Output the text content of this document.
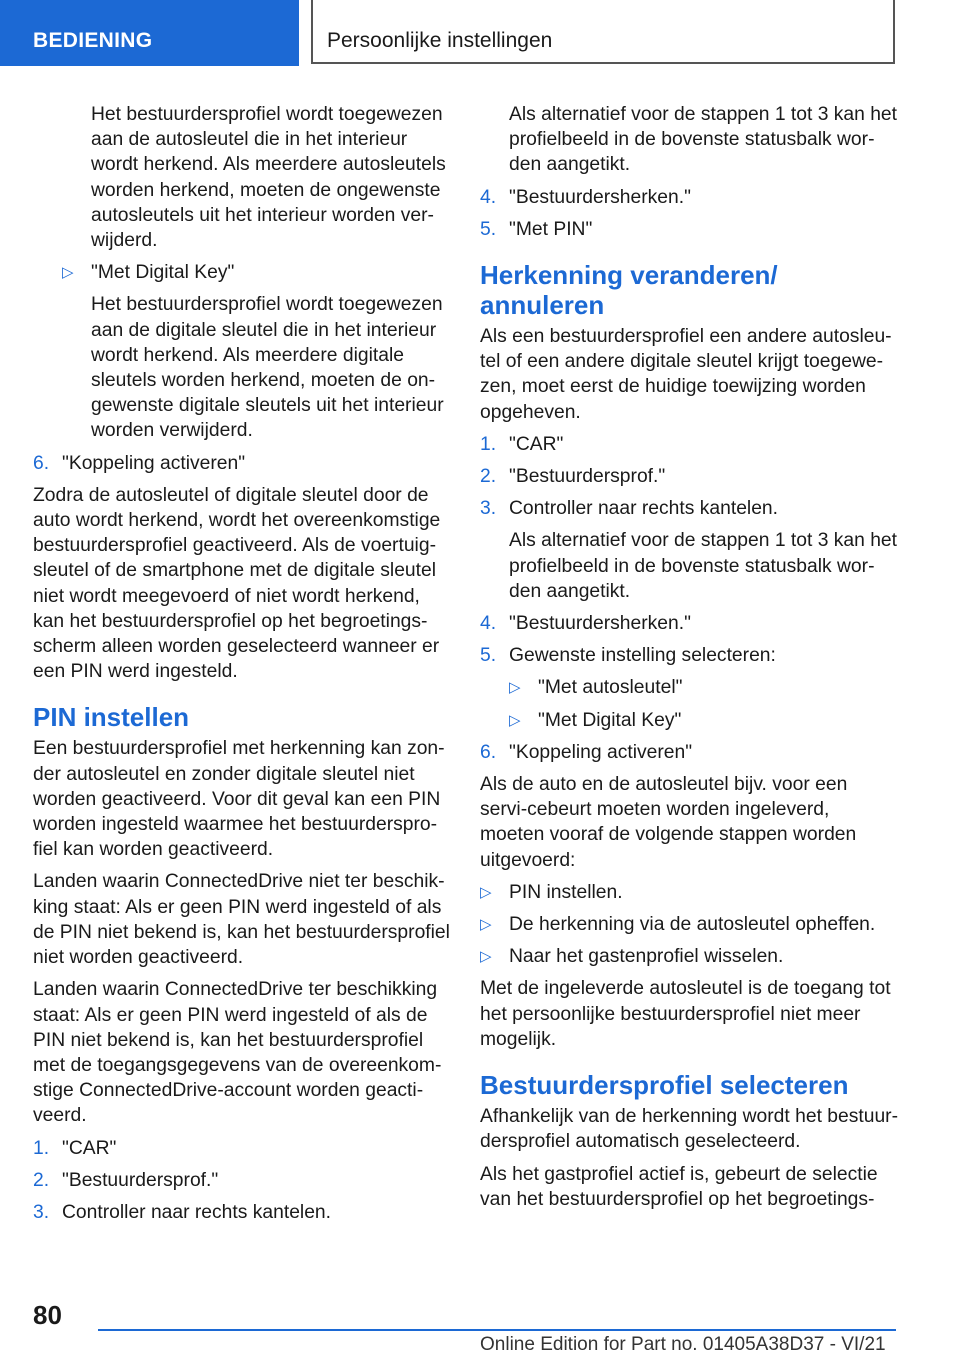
BEDIENING	Persoonlijke instellingen

Het bestuurdersprofiel wordt toegewezen aan de autosleutel die in het interieur wordt herkend. Als meerdere autosleutels worden herkend, moeten de ongewenste autosleutels uit het interieur worden ver-wijderd.

▷ "Met Digital Key"

Het bestuurdersprofiel wordt toegewezen aan de digitale sleutel die in het interieur wordt herkend. Als meerdere digitale sleutels worden herkend, moeten de on-gewenste digitale sleutels uit het interieur worden verwijderd.

6. "Koppeling activeren"

Zodra de autosleutel of digitale sleutel door de auto wordt herkend, wordt het overeenkomstige bestuurdersprofiel geactiveerd. Als de voertuig-sleutel of de smartphone met de digitale sleutel niet wordt meegevoerd of niet wordt herkend, kan het bestuurdersprofiel op het begroetings-scherm alleen worden geselecteerd wanneer er een PIN werd ingesteld.

PIN instellen

Een bestuurdersprofiel met herkenning kan zon-der autosleutel en zonder digitale sleutel niet worden geactiveerd. Voor dit geval kan een PIN worden ingesteld waarmee het bestuurderspro-fiel kan worden geactiveerd.

Landen waarin ConnectedDrive niet ter beschik-king staat: Als er geen PIN werd ingesteld of als de PIN niet bekend is, kan het bestuurdersprofiel niet worden geactiveerd.

Landen waarin ConnectedDrive ter beschikking staat: Als er geen PIN werd ingesteld of als de PIN niet bekend is, kan het bestuurdersprofiel met de toegangsgegevens van de overeenkom-stige ConnectedDrive-account worden geacti-veerd.

1. "CAR"
2. "Bestuurdersprof."
3. Controller naar rechts kantelen.

Als alternatief voor de stappen 1 tot 3 kan het profielbeeld in de bovenste statusbalk wor-den aangetikt.

4. "Bestuurdersherken."
5. "Met PIN"
Herkenning veranderen/ annuleren

Als een bestuurdersprofiel een andere autosleu-tel of een andere digitale sleutel krijgt toegewe-zen, moet eerst de huidige toewijzing worden opgeheven.

1. "CAR"
2. "Bestuurdersprof."
3. Controller naar rechts kantelen.

Als alternatief voor de stappen 1 tot 3 kan het profielbeeld in de bovenste statusbalk wor-den aangetikt.

4. "Bestuurdersherken."
5. Gewenste instelling selecteren:
▷ "Met autosleutel"
▷ "Met Digital Key"
6. "Koppeling activeren"

Als de auto en de autosleutel bijv. voor een servi-cebeurt moeten worden ingeleverd, moeten vooraf de volgende stappen worden uitgevoerd:

▷ PIN instellen.
▷ De herkenning via de autosleutel opheffen.
▷ Naar het gastenprofiel wisselen.

Met de ingeleverde autosleutel is de toegang tot het persoonlijke bestuurdersprofiel niet meer mogelijk.

Bestuurdersprofiel selecteren

Afhankelijk van de herkenning wordt het bestuur-dersprofiel automatisch geselecteerd.

Als het gastprofiel actief is, gebeurt de selectie van het bestuurdersprofiel op het begroetings-

80
Online Edition for Part no. 01405A38D37 - VI/21
